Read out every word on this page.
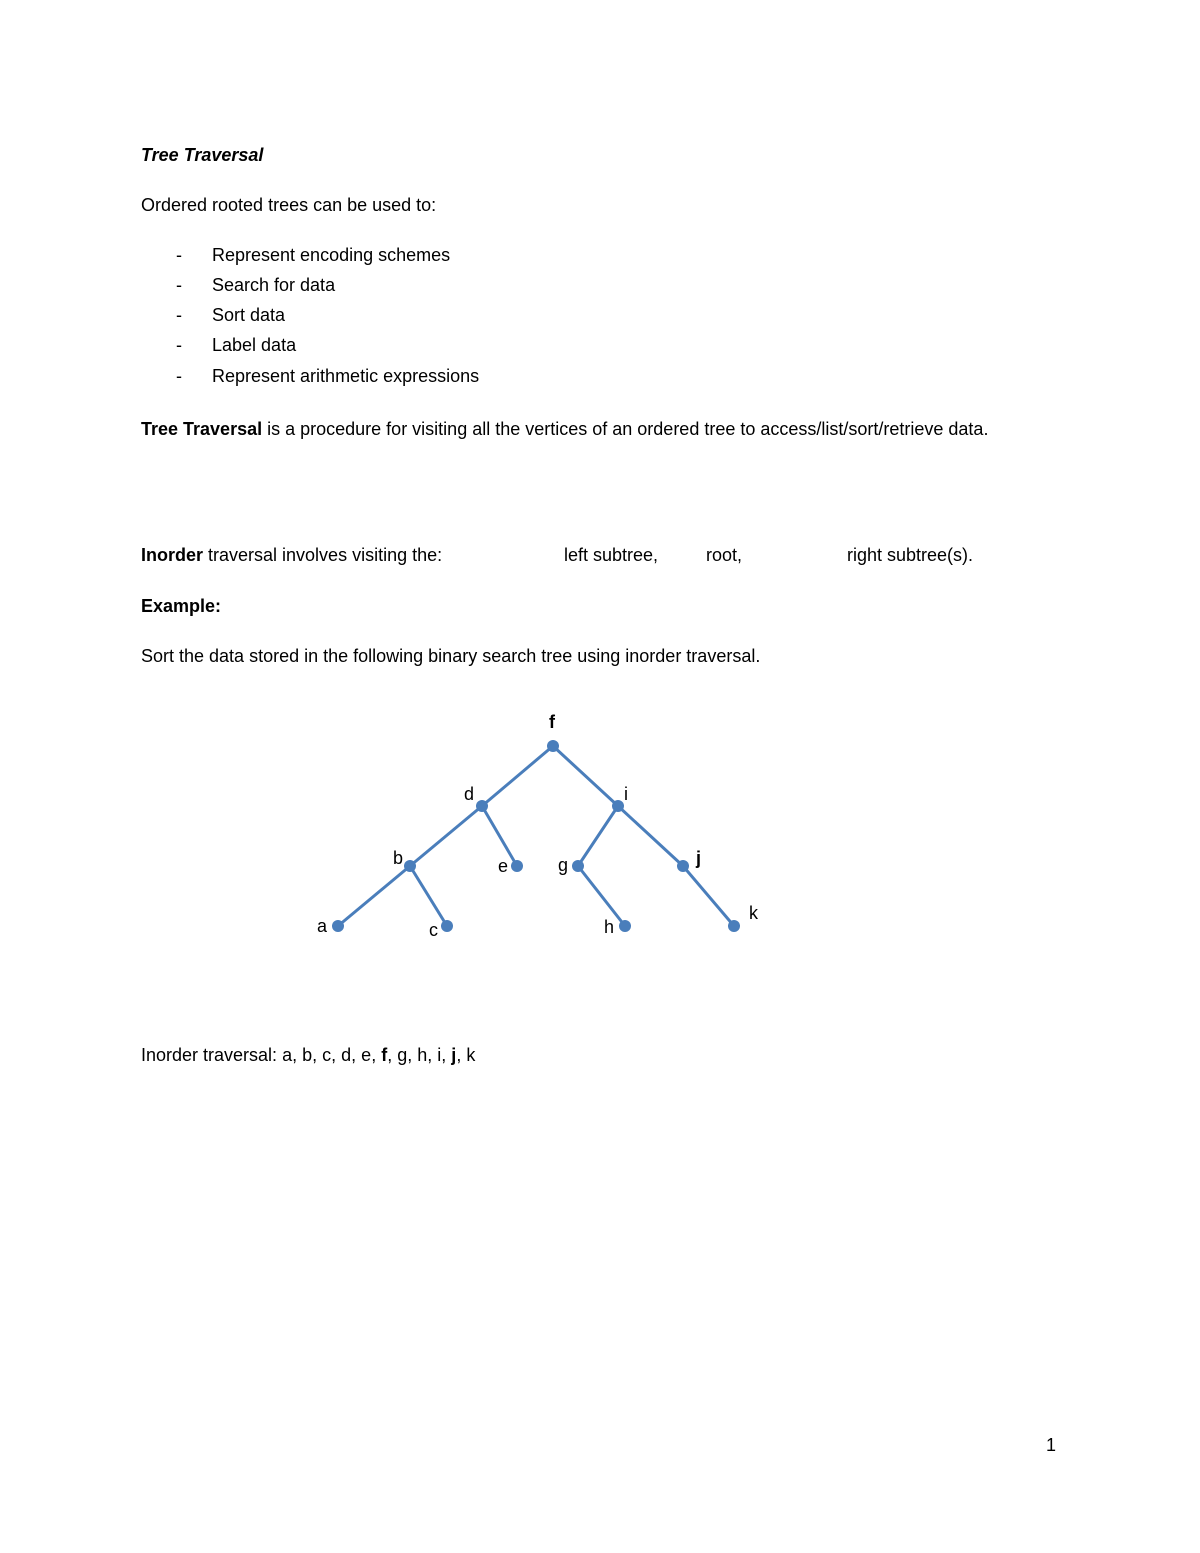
Tree Traversal
Ordered rooted trees can be used to:
- Represent encoding schemes
- Search for data
- Sort data
- Label data
- Represent arithmetic expressions
Tree Traversal is a procedure for visiting all the vertices of an ordered tree to access/list/sort/retrieve data.
Inorder traversal involves visiting the:	left subtree,	root,	right subtree(s).
Example:
Sort the data stored in the following binary search tree using inorder traversal.
f
d	i
b	e	g	j
a	c	h
k
Inorder traversal: a, b, c, d, e, f, g, h, i, j, k
1
